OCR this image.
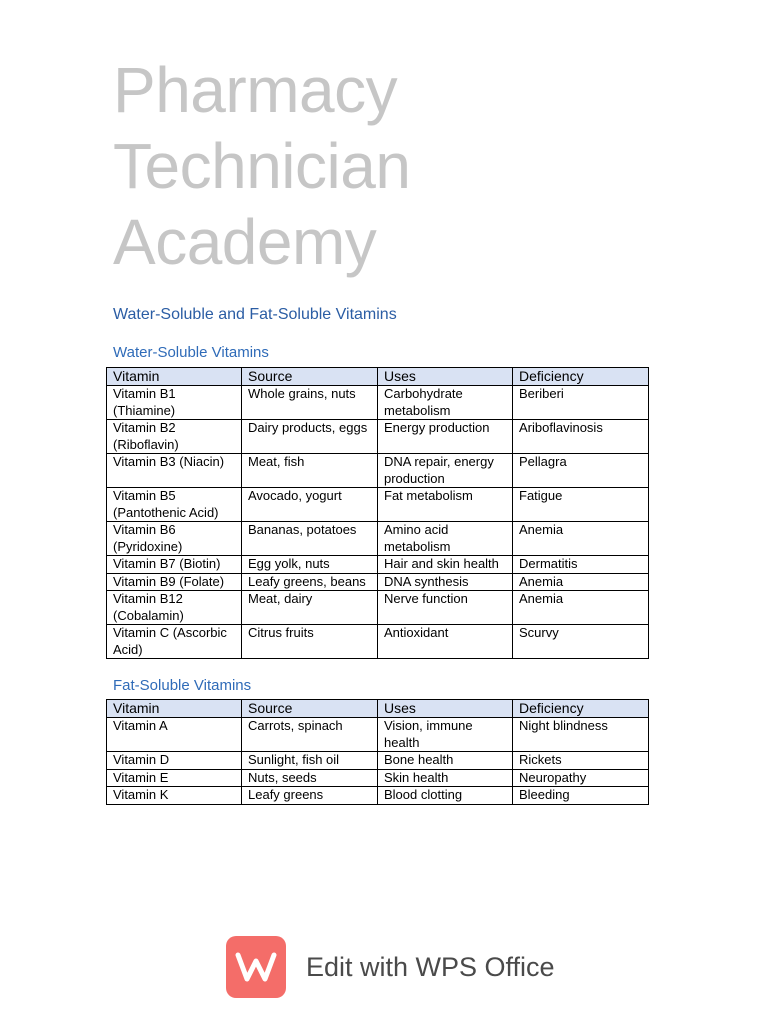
Pharmacy
Technician
Academy
Water-Soluble and Fat-Soluble Vitamins
Water-Soluble Vitamins
Vitamin	Source	Uses	Deficiency
Vitamin B1 (Thiamine)	Whole grains, nuts	Carbohydrate metabolism	Beriberi
Vitamin B2 (Riboflavin)	Dairy products, eggs	Energy production	Ariboflavinosis
Vitamin B3 (Niacin)	Meat, fish	DNA repair, energy production	Pellagra
Vitamin B5 (Pantothenic Acid)	Avocado, yogurt	Fat metabolism	Fatigue
Vitamin B6 (Pyridoxine)	Bananas, potatoes	Amino acid metabolism	Anemia
Vitamin B7 (Biotin)	Egg yolk, nuts	Hair and skin health	Dermatitis
Vitamin B9 (Folate)	Leafy greens, beans	DNA synthesis	Anemia
Vitamin B12 (Cobalamin)	Meat, dairy	Nerve function	Anemia
Vitamin C (Ascorbic Acid)	Citrus fruits	Antioxidant	Scurvy
Fat-Soluble Vitamins
Vitamin	Source	Uses	Deficiency
Vitamin A	Carrots, spinach	Vision, immune health	Night blindness
Vitamin D	Sunlight, fish oil	Bone health	Rickets
Vitamin E	Nuts, seeds	Skin health	Neuropathy
Vitamin K	Leafy greens	Blood clotting	Bleeding
Edit with WPS Office
